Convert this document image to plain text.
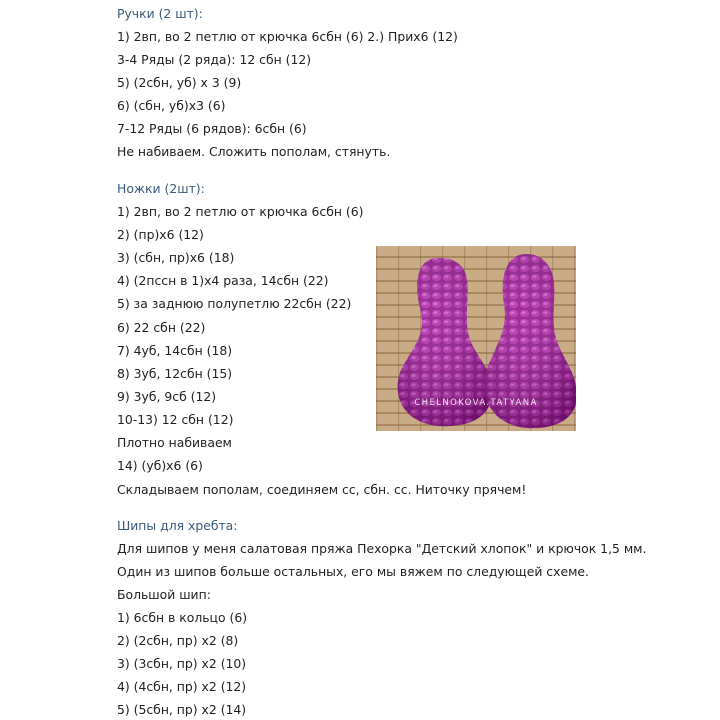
Ручки (2 шт):
1) 2вп, во 2 петлю от крючка 6сбн (6) 2.) Прих6 (12)
3-4 Ряды (2 ряда): 12 сбн (12)
5) (2сбн, уб) х 3 (9)
6) (сбн, уб)х3 (6)
7-12 Ряды (6 рядов): 6сбн (6)
Не набиваем. Сложить пополам, стянуть.
Ножки (2шт):
1) 2вп, во 2 петлю от крючка 6сбн (6)
2) (пр)х6 (12)
3) (сбн, пр)х6 (18)
4) (2пссн в 1)х4 раза, 14сбн (22)
5) за заднюю полупетлю 22сбн (22)
6) 22 сбн (22)
7) 4уб, 14сбн (18)
8) 3уб, 12сбн (15)
9) 3уб, 9сб (12)
10-13) 12 сбн (12)
Плотно набиваем
14) (уб)х6 (6)
Складываем пополам, соединяем сс, сбн. сс. Ниточку прячем!
Шипы для хребта:
Для шипов у меня салатовая пряжа Пехорка "Детский хлопок" и крючок 1,5 мм.
Один из шипов больше остальных, его мы вяжем по следующей схеме.
Большой шип:
1) 6сбн в кольцо (6)
2) (2сбн, пр) х2 (8)
3) (3сбн, пр) х2 (10)
4) (4сбн, пр) х2 (12)
5) (5сбн, пр) х2 (14)
CHELNOKOVA.TATYANA
